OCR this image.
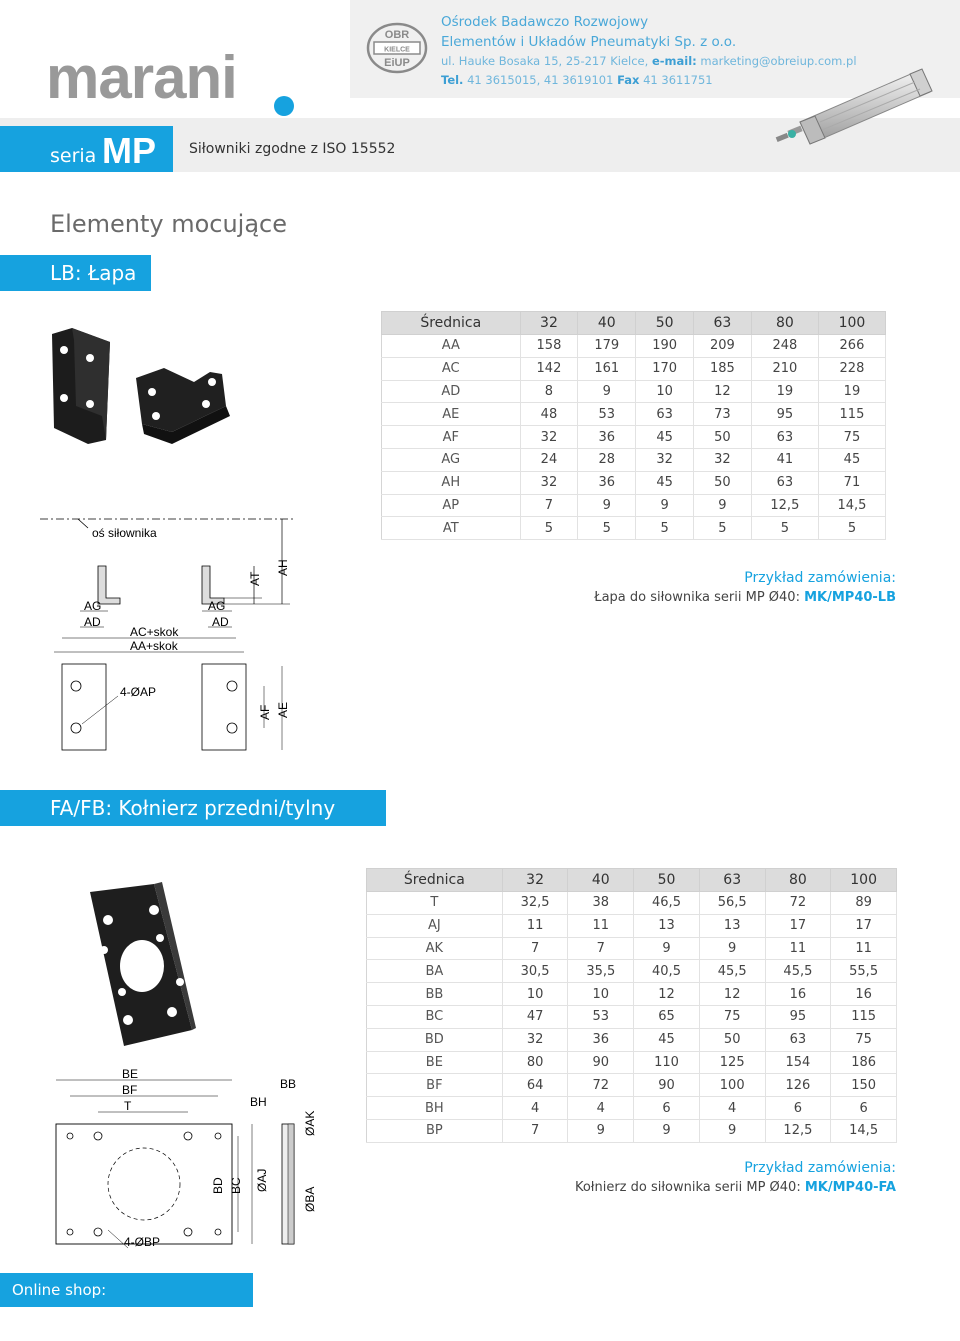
marani
OBR
KIELCE
EiUP
Ośrodek Badawczo Rozwojowy
Elementów i Układów Pneumatyki Sp. z o.o.
ul. Hauke Bosaka 15, 25-217 Kielce, e-mail: marketing@obreiup.com.pl
Tel. 41 3615015, 41 3619101 Fax 41 3611751
seria MP Siłowniki zgodne z ISO 15552
Elementy mocujące
LB: Łapa
oś siłownika
AT
AH
AG
AD
AG
AD
AC+skok
AA+skok
4-ØAP
AF AE
Średnica	32	40	50	63	80	100
AA	158	179	190	209	248	266
AC	142	161	170	185	210	228
AD	8	9	10	12	19	19
AE	48	53	63	73	95	115
AF	32	36	45	50	63	75
AG	24	28	32	32	41	45
AH	32	36	45	50	63	71
AP	7	9	9	9	12,5	14,5
AT	5	5	5	5	5	5
Przykład zamówienia:
Łapa do siłownika serii MP Ø40: MK/MP40-LB
FA/FB: Kołnierz przedni/tylny
BE
BF
T
BD BC
BH
BB
ØAJ
ØAK
ØBA
4-ØBP
Średnica	32	40	50	63	80	100
T	32,5	38	46,5	56,5	72	89
AJ	11	11	13	13	17	17
AK	7	7	9	9	11	11
BA	30,5	35,5	40,5	45,5	45,5	55,5
BB	10	10	12	12	16	16
BC	47	53	65	75	95	115
BD	32	36	45	50	63	75
BE	80	90	110	125	154	186
BF	64	72	90	100	126	150
BH	4	4	6	4	6	6
BP	7	9	9	9	12,5	14,5
Przykład zamówienia:
Kołnierz do siłownika serii MP Ø40: MK/MP40-FA
Online shop: pneumatykaOBR.pl
